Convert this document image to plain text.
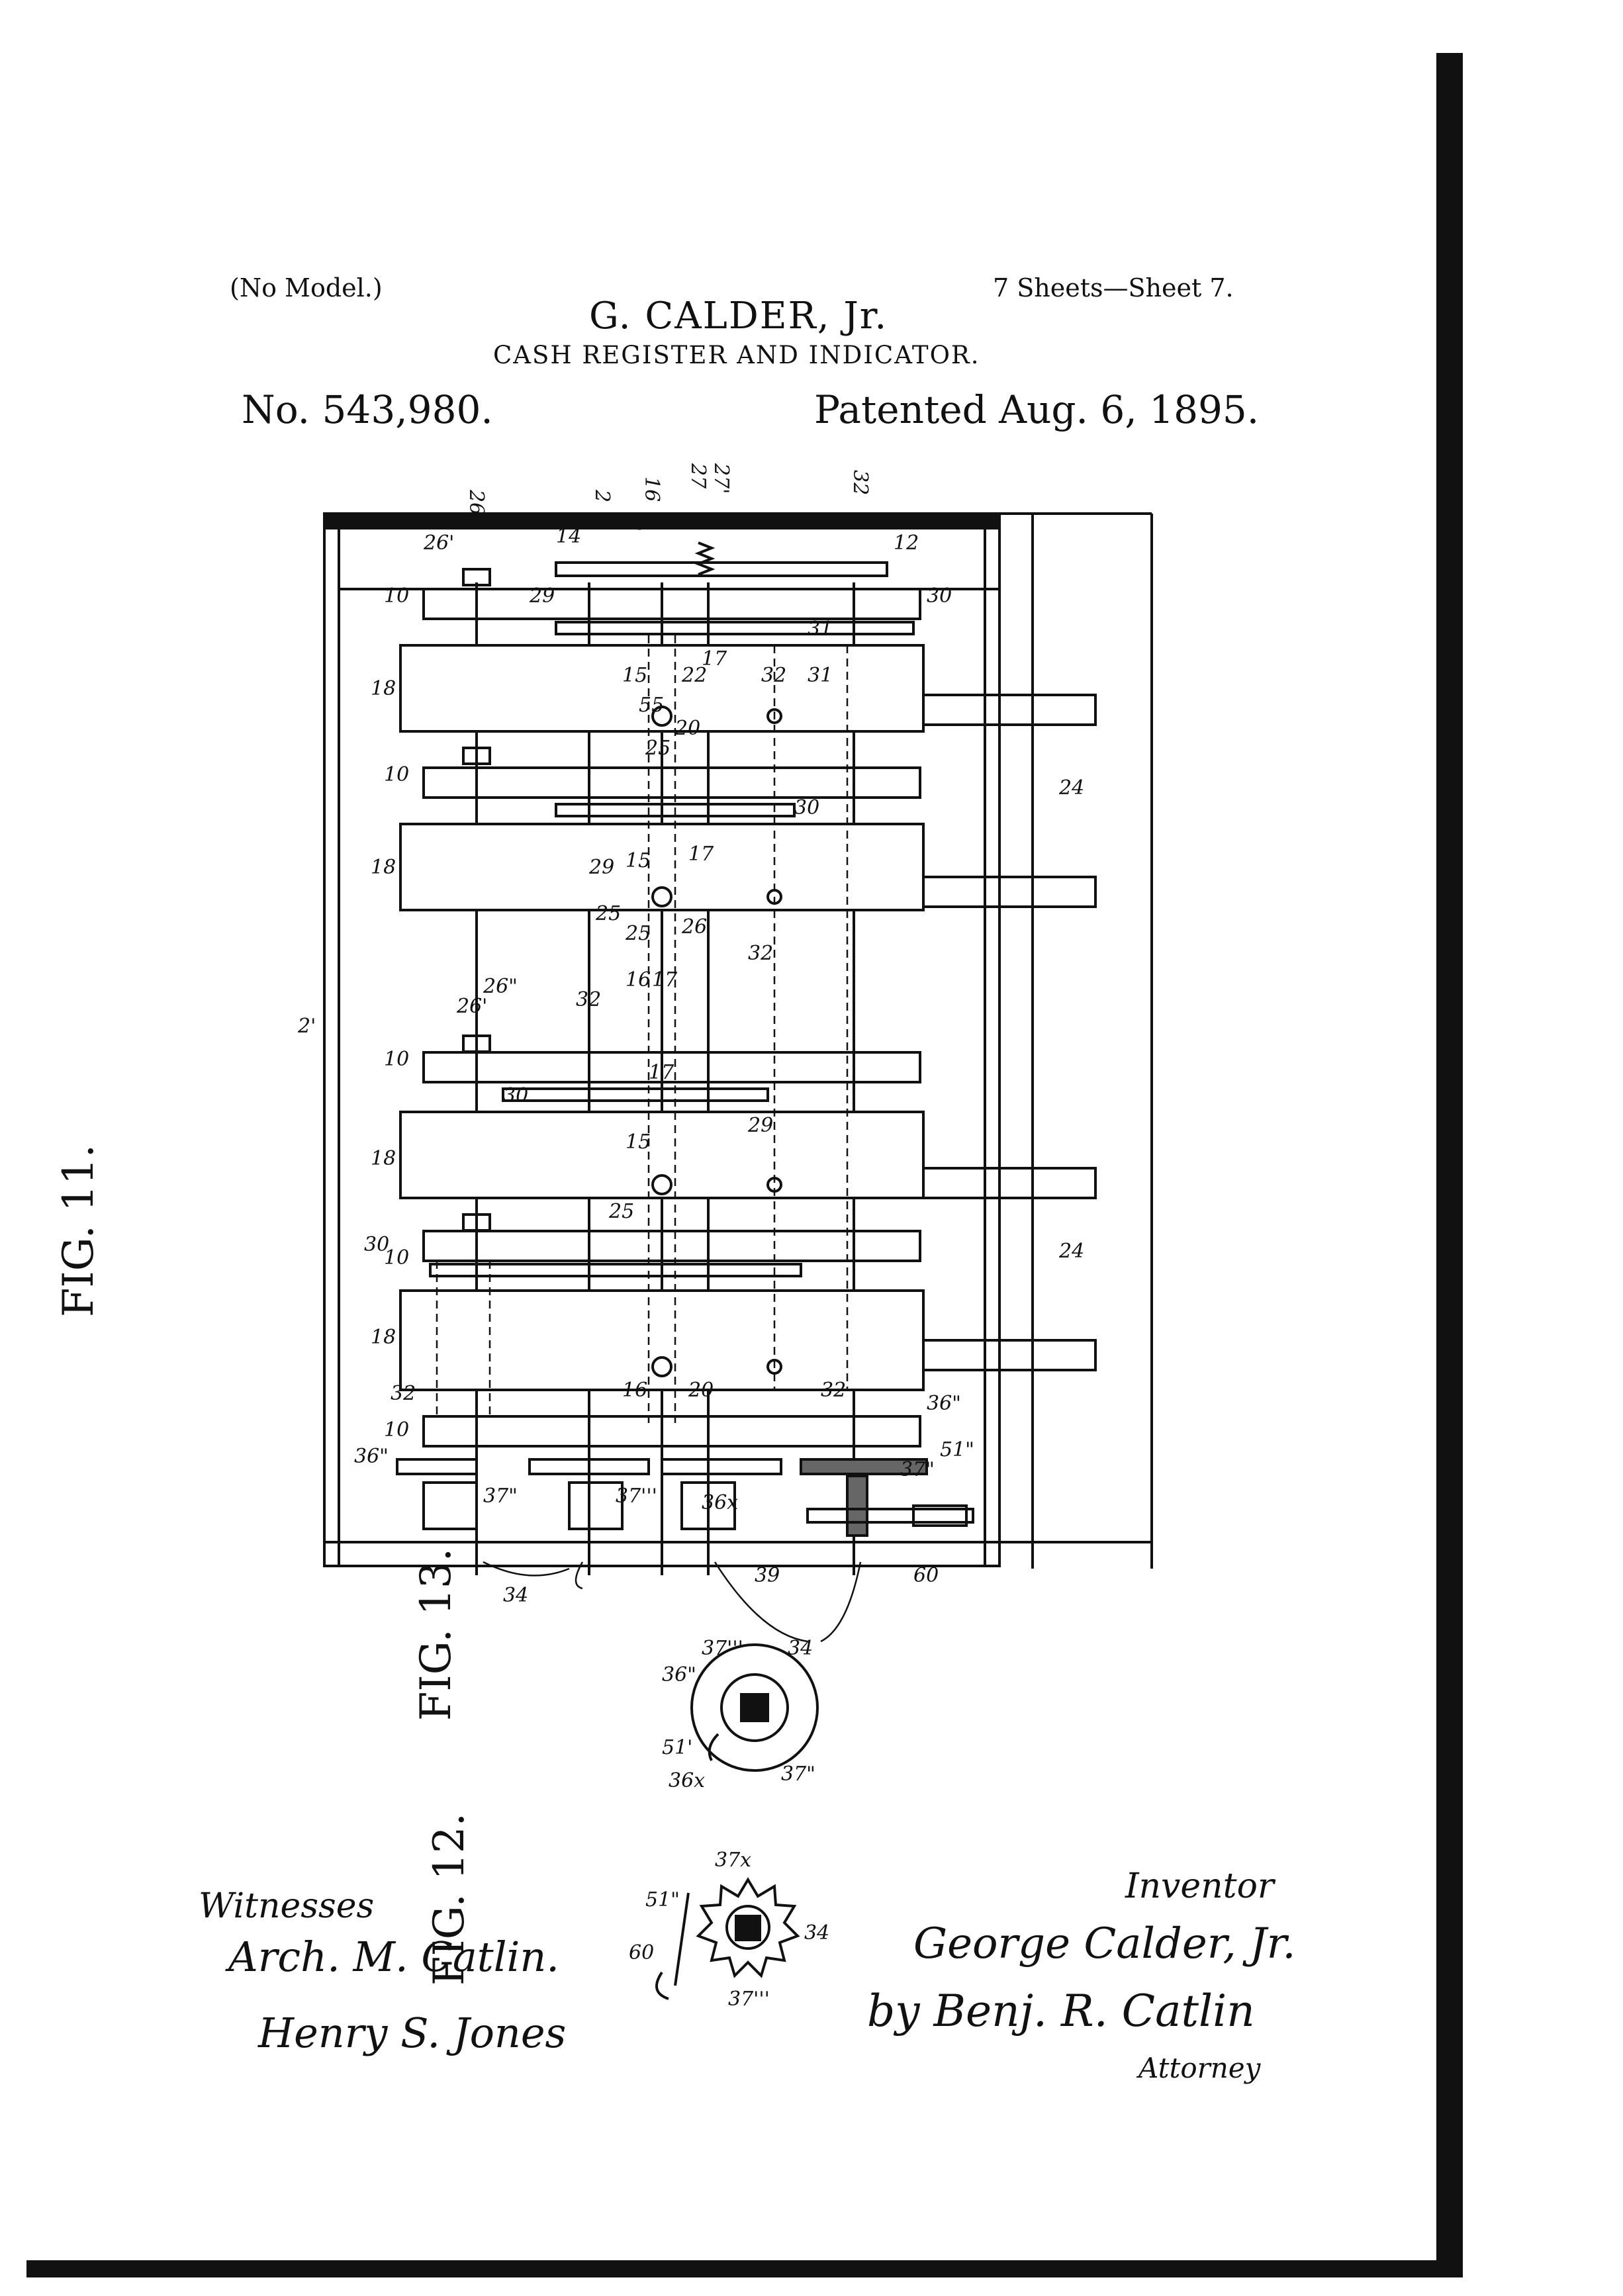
(No Model.)	7 Sheets—Sheet 7.
G. CALDER, Jr.
CASH REGISTER AND INDICATOR.
No. 543,980.	Patented Aug. 6, 1895.
26"
26'
2
14
15
16
27 27'
3
32
12
30
31
29
10
18
15
55
22
17
32 31
25
20
10
30
17
15
29
18
24
25
25 26
32
16 17
26'
26"
2'
32
10
30
17
15
29
18
25
30
10	24
18
32	16 20	32
10
36"
36"
37"	37''' 36x
37"
51"
34
39	60
34
36"
37'''
51'
36x	37"
37x
51"
60
34
37'''
FIG. 11.
FIG. 13.
FIG. 12.
Witnesses
Arch. M. Catlin.
Henry S. Jones
Inventor
George Calder, Jr.
by Benj. R. Catlin
Attorney
